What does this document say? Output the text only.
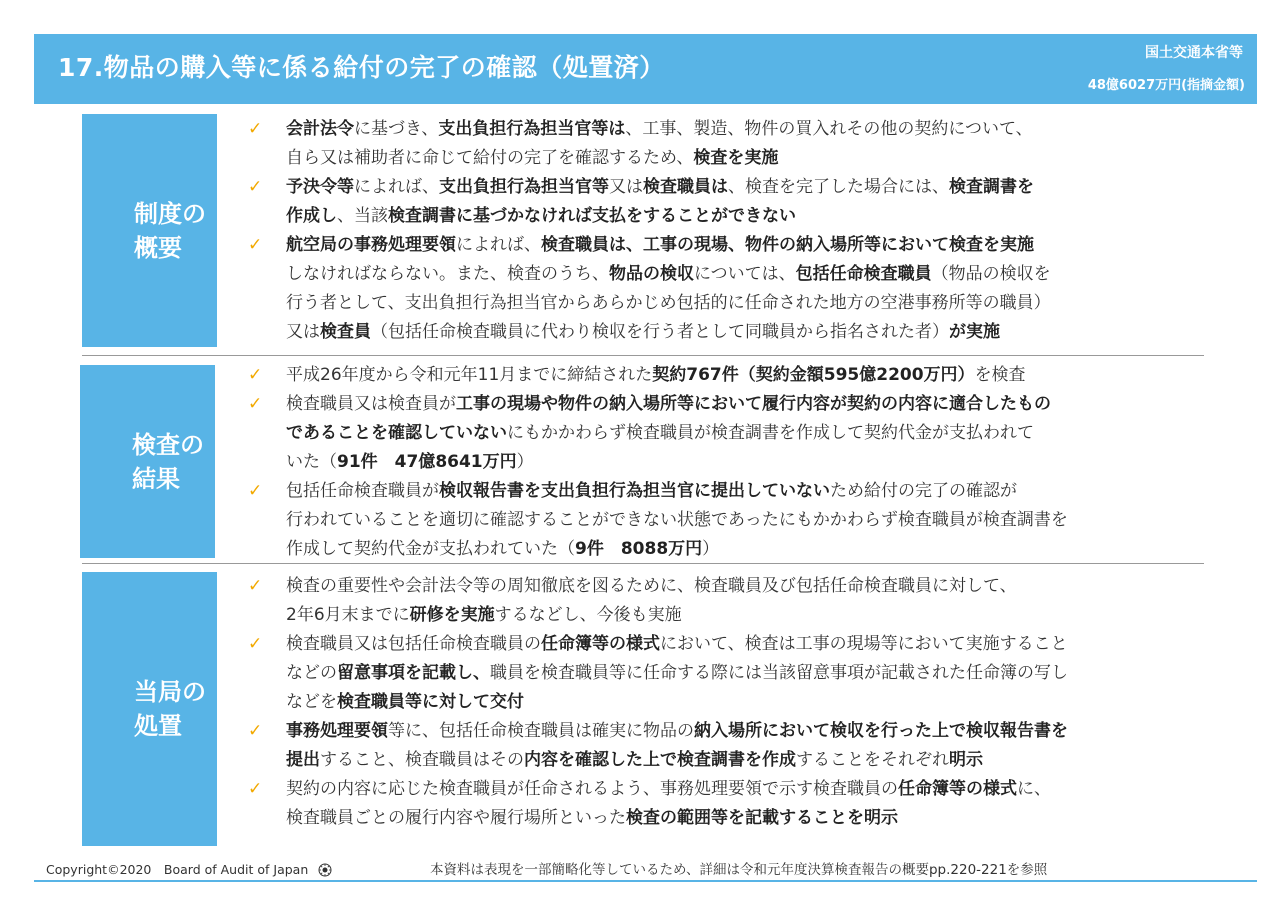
17.物品の購入等に係る給付の完了の確認（処置済）	国土交通本省等
48億6027万円(指摘金額)
制度の
概要
✓ 会計法令に基づき、支出負担行為担当官等は、工事、製造、物件の買入れその他の契約について、
自ら又は補助者に命じて給付の完了を確認するため、検査を実施
✓ 予決令等によれば、支出負担行為担当官等又は検査職員は、検査を完了した場合には、検査調書を
作成し、当該検査調書に基づかなければ支払をすることができない
✓ 航空局の事務処理要領によれば、検査職員は、工事の現場、物件の納入場所等において検査を実施
しなければならない。また、検査のうち、物品の検収については、包括任命検査職員（物品の検収を
行う者として、支出負担行為担当官からあらかじめ包括的に任命された地方の空港事務所等の職員）
又は検査員（包括任命検査職員に代わり検収を行う者として同職員から指名された者）が実施
検査の
結果
✓ 平成26年度から令和元年11月までに締結された契約767件（契約金額595億2200万円）を検査
✓ 検査職員又は検査員が工事の現場や物件の納入場所等において履行内容が契約の内容に適合したもの
であることを確認していないにもかかわらず検査職員が検査調書を作成して契約代金が支払われて
いた（91件　47億8641万円）
✓ 包括任命検査職員が検収報告書を支出負担行為担当官に提出していないため給付の完了の確認が
行われていることを適切に確認することができない状態であったにもかかわらず検査職員が検査調書を
作成して契約代金が支払われていた（9件　8088万円）
当局の
処置
✓ 検査の重要性や会計法令等の周知徹底を図るために、検査職員及び包括任命検査職員に対して、
2年6月末までに研修を実施するなどし、今後も実施
✓ 検査職員又は包括任命検査職員の任命簿等の様式において、検査は工事の現場等において実施すること
などの留意事項を記載し、職員を検査職員等に任命する際には当該留意事項が記載された任命簿の写し
などを検査職員等に対して交付
✓ 事務処理要領等に、包括任命検査職員は確実に物品の納入場所において検収を行った上で検収報告書を
提出すること、検査職員はその内容を確認した上で検査調書を作成することをそれぞれ明示
✓ 契約の内容に応じた検査職員が任命されるよう、事務処理要領で示す検査職員の任命簿等の様式に、
検査職員ごとの履行内容や履行場所といった検査の範囲等を記載することを明示
Copyright©2020　Board of Audit of Japan	本資料は表現を一部簡略化等しているため、詳細は令和元年度決算検査報告の概要pp.220-221を参照
